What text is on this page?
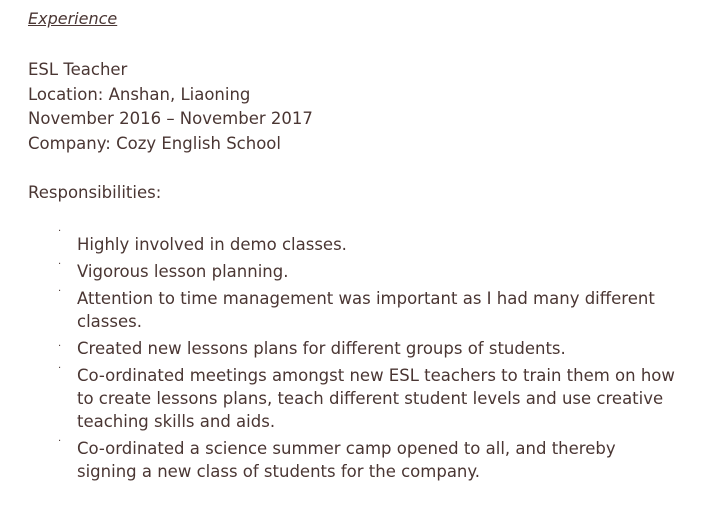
Experience
ESL Teacher
Location: Anshan, Liaoning
November 2016 – November 2017
Company: Cozy English School
Responsibilities:
·
Highly involved in demo classes.
· Vigorous lesson planning.
· Attention to time management was important as I had many different classes.
· Created new lessons plans for different groups of students.
· Co-ordinated meetings amongst new ESL teachers to train them on how to create lessons plans, teach different student levels and use creative teaching skills and aids.
· Co-ordinated a science summer camp opened to all, and thereby signing a new class of students for the company.
